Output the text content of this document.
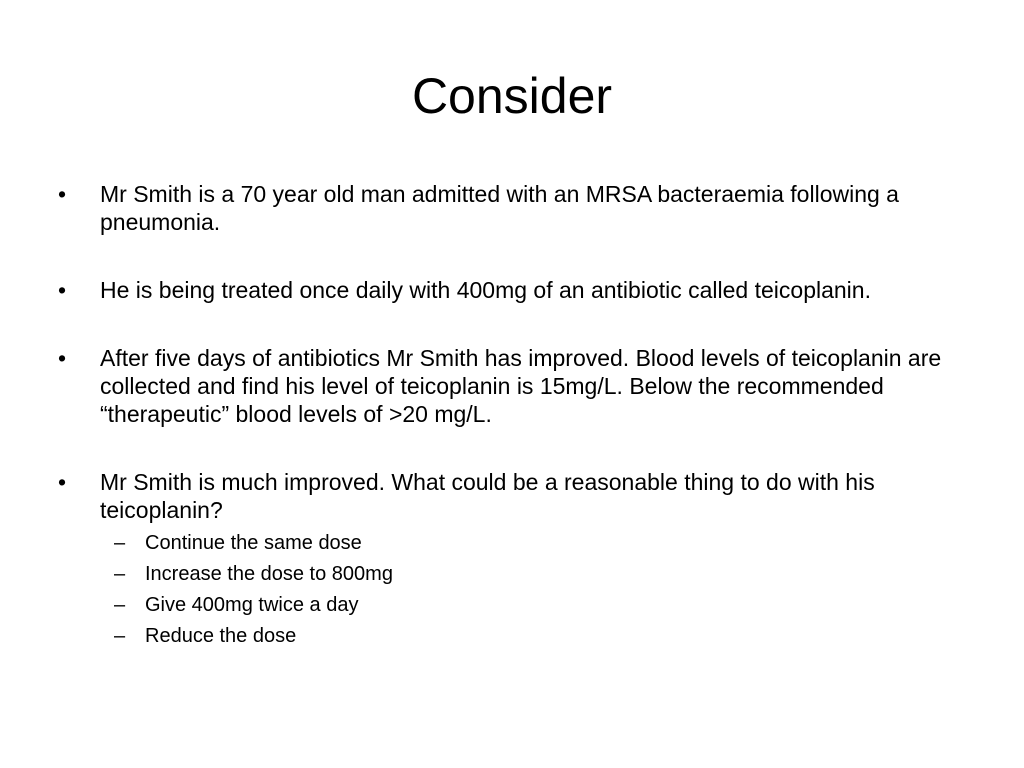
Consider
•	Mr Smith is a 70 year old man admitted with an MRSA bacteraemia following a pneumonia.
•	He is being treated once daily with 400mg of an antibiotic called teicoplanin.
•	After five days of antibiotics Mr Smith has improved. Blood levels of teicoplanin are collected and find his level of teicoplanin is 15mg/L. Below the recommended “therapeutic” blood levels of >20 mg/L.
•	Mr Smith is much improved. What could be a reasonable thing to do with his teicoplanin?
– Continue the same dose
– Increase the dose to 800mg
– Give 400mg twice a day
– Reduce the dose
